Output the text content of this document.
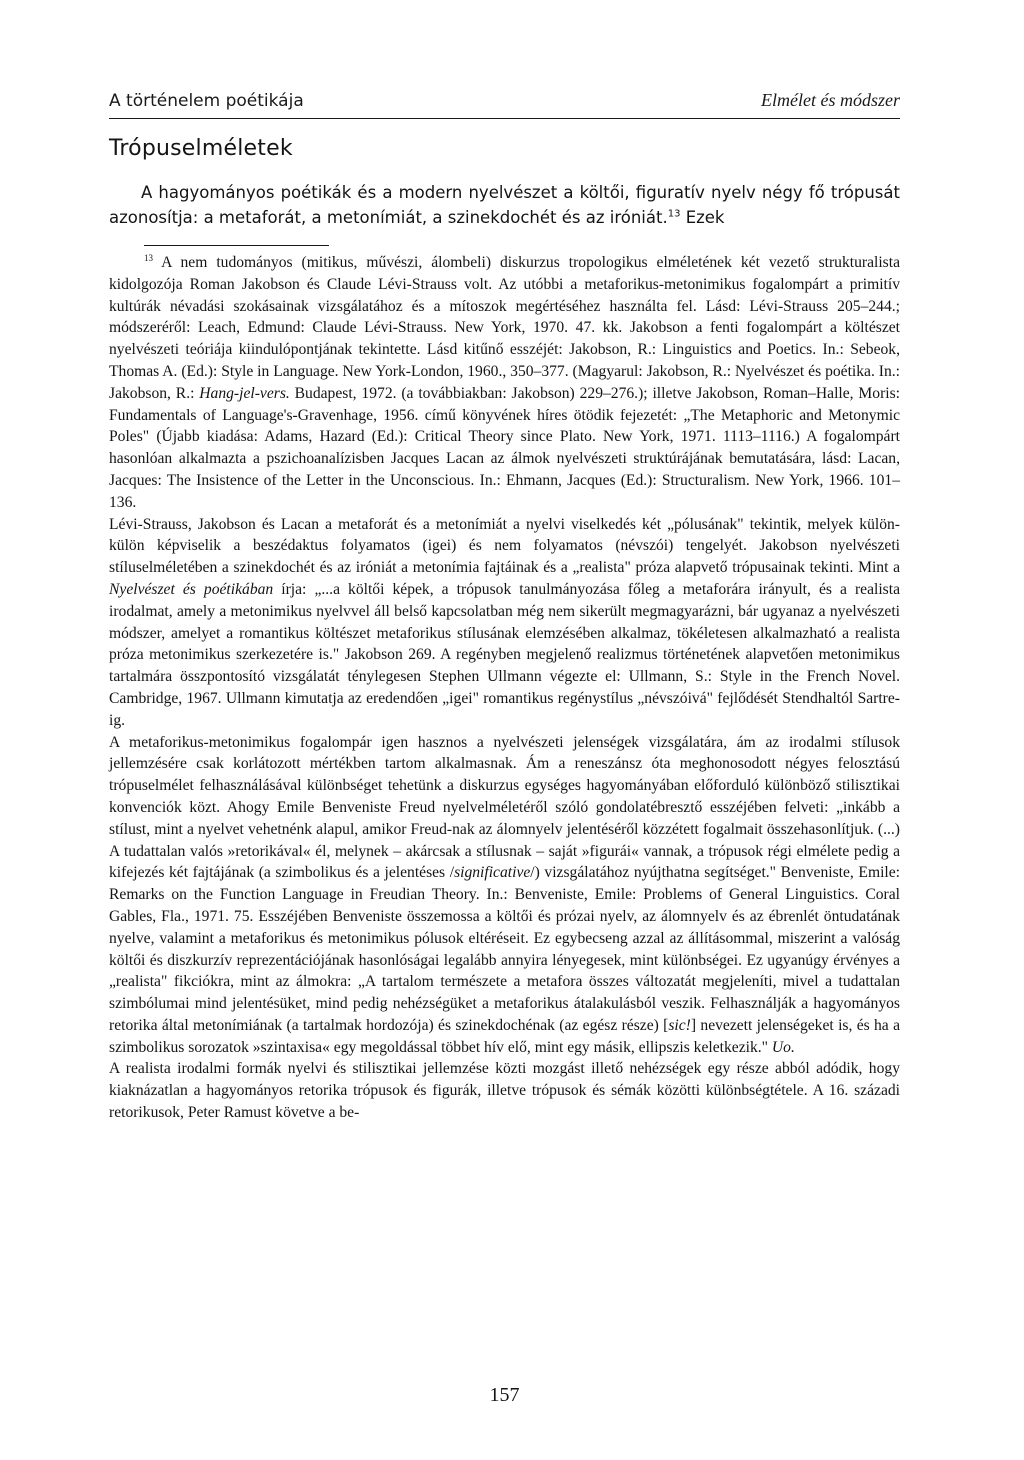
A történelem poétikája	Elmélet és módszer
Trópuselméletek

A hagyományos poétikák és a modern nyelvészet a költői, figuratív nyelv négy fő trópusát azonosítja: a metaforát, a metonímiát, a szinekdochét és az iróniát.$^{13}$ Ezek

$^{13}$ A nem tudományos (mitikus, művészi, álombeli) diskurzus tropologikus elméletének két vezető strukturalista kidolgozója Roman Jakobson és Claude Lévi-Strauss volt. Az utóbbi a metaforikus-metonimikus fogalompárt a primitív kultúrák névadási szokásainak vizsgálatához és a mítoszok megértéséhez használta fel. Lásd: Lévi-Strauss 205–244.; módszeréről: Leach, Edmund: Claude Lévi-Strauss. New York, 1970. 47. kk. Jakobson a fenti fogalompárt a költészet nyelvészeti teóriája kiindulópontjának tekintette. Lásd kitűnő esszéjét: Jakobson, R.: Linguistics and Poetics. In.: Sebeok, Thomas A. (Ed.): Style in Languagе. New York-London, 1960., 350–377. (Magyarul: Jakobson, R.: Nyelvészet és poétika. In.: Jakobson, R.: Hang-jel-vers. Budapest, 1972. (a továbbiakban: Jakobson) 229–276.); illetve Jakobson, Roman–Halle, Moris: Fundamentals of Language's-Gravenhage, 1956. című könyvének híres ötödik fejezetét: „The Metaphoric and Metonymic Poles" (Újabb kiadása: Adams, Hazard (Ed.): Critical Theory since Plato. New York, 1971. 1113–1116.) A fogalompárt hasonlóan alkalmazta a pszichoanalízisben Jacques Lacan az álmok nyelvészeti struktúrájának bemutatására, lásd: Lacan, Jacques: The Insistence of the Letter in the Unconscious. In.: Ehmann, Jacques (Ed.): Structuralism. New York, 1966. 101–136.

Lévi-Strauss, Jakobson és Lacan a metaforát és a metonímiát a nyelvi viselkedés két „pólusának" tekintik, melyek külön-külön képviselik a beszédaktus folyamatos (igei) és nem folyamatos (névszói) tengelyét. Jakobson nyelvészeti stíluselméletében a szinekdochét és az iróniát a metonímia fajtáinak és a „realista" próza alapvető trópusainak tekinti. Mint a Nyelvészet és poétikában írja: „...a költői képek, a trópusok tanulmányozása főleg a metaforára irányult, és a realista irodalmat, amely a metonimikus nyelvvel áll belső kapcsolatban még nem sikerült megmagyarázni, bár ugyanaz a nyelvészeti módszer, amelyet a romantikus költészet metaforikus stílusának elemzésében alkalmaz, tökéletesen alkalmazható a realista próza metonimikus szerkezetére is." Jakobson 269. A regényben megjelenő realizmus történetének alapvetően metonimikus tartalmára összpontosító vizsgálatát ténylegesen Stephen Ullmann végezte el: Ullmann, S.: Style in the French Novel. Cambridge, 1967. Ullmann kimutatja az eredendően „igei" romantikus regénystílus „névszóivá" fejlődését Stendhaltól Sartre-ig.

A metaforikus-metonimikus fogalompár igen hasznos a nyelvészeti jelenségek vizsgálatára, ám az irodalmi stílusok jellemzésére csak korlátozott mértékben tartom alkalmasnak. Ám a reneszánsz óta meghonosodott négyes felosztású trópuselmélet felhasználásával különbséget tehetünk a diskurzus egységes hagyományában előforduló különböző stilisztikai konvenciók közt. Ahogy Emile Benveniste Freud nyelvelméletéről szóló gondolatébresztő esszéjében felveti: „inkább a stílust, mint a nyelvet vehetnénk alapul, amikor Freud-nak az álomnyelv jelentéséről közzétett fogalmait összehasonlítjuk. (...) A tudattalan valós »retorikával« él, melynek – akárcsak a stílusnak – saját »figurái« vannak, a trópusok régi elmélete pedig a kifejezés két fajtájának (a szimbolikus és a jelentéses /significative/) vizsgálatához nyújthatna segítséget." Benveniste, Emile: Remarks on the Function Language in Freudian Theory. In.: Benveniste, Emile: Problems of General Linguistics. Coral Gables, Fla., 1971. 75. Esszéjében Benveniste összemossa a költői és prózai nyelv, az álomnyelv és az ébrenlét öntudatának nyelve, valamint a metaforikus és metonimikus pólusok eltéréseit. Ez egybecseng azzal az állításommal, miszerint a valóság költői és diszkurzív reprezentációjának hasonlóságai legalább annyira lényegesek, mint különbségei. Ez ugyanúgy érvényes a „realista" fikciókra, mint az álmokra: „A tartalom természete a metafora összes változatát megjeleníti, mivel a tudattalan szimbólumai mind jelentésüket, mind pedig nehézségüket a metaforikus átalakulásból veszik. Felhasználják a hagyományos retorika által metonímiának (a tartalmak hordozója) és szinekdochénak (az egész része) [sic!] nevezett jelenségeket is, és ha a szimbolikus sorozatok »szintaxisa« egy megoldással többet hív elő, mint egy másik, ellipszis keletkezik." Uo.

A realista irodalmi formák nyelvi és stilisztikai jellemzése közti mozgást illető nehézségek egy része abból adódik, hogy kiaknázatlan a hagyományos retorika trópusok és figurák, illetve trópusok és sémák közötti különbségtétele. A 16. századi retorikusok, Peter Ramust követve a be-

157
